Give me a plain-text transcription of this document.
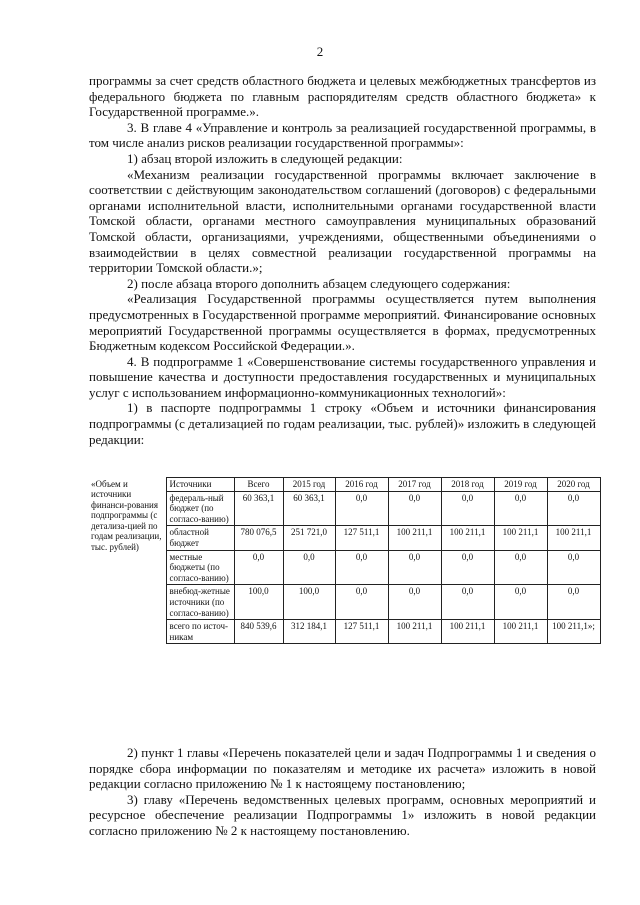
2

программы за счет средств областного бюджета и целевых межбюджетных трансфертов из федерального бюджета по главным распорядителям средств областного бюджета» к Государственной программе.».

3. В главе 4 «Управление и контроль за реализацией государственной программы, в том числе анализ рисков реализации государственной программы»:

1) абзац второй изложить в следующей редакции:

«Механизм реализации государственной программы включает заключение в соответствии с действующим законодательством соглашений (договоров) с федеральными органами исполнительной власти, исполнительными органами государственной власти Томской области, органами местного самоуправления муниципальных образований Томской области, организациями, учреждениями, общественными объединениями о взаимодействии в целях совместной реализации государственной программы на территории Томской области.»;

2) после абзаца второго дополнить абзацем следующего содержания:

«Реализация Государственной программы осуществляется путем выполнения предусмотренных в Государственной программе мероприятий. Финансирование основных мероприятий Государственной программы осуществляется в формах, предусмотренных Бюджетным кодексом Российской Федерации.».

4. В подпрограмме 1 «Совершенствование системы государственного управления и повышение качества и доступности предоставления государственных и муниципальных услуг с использованием информационно-коммуникационных технологий»:

1) в паспорте подпрограммы 1 строку «Объем и источники финансирования подпрограммы (с детализацией по годам реализации, тыс. рублей)» изложить в следующей редакции:

«Объем и источники финанси-рования подпрограммы (с детализа-цией по годам реализации, тыс. рублей)	Источники	Всего	2015 год	2016 год	2017 год	2018 год	2019 год	2020 год
	федераль-ный бюджет (по согласо-ванию)	60 363,1	60 363,1	0,0	0,0	0,0	0,0	0,0
	областной бюджет	780 076,5	251 721,0	127 511,1	100 211,1	100 211,1	100 211,1	100 211,1
	местные бюджеты (по согласо-ванию)	0,0	0,0	0,0	0,0	0,0	0,0	0,0
	внебюд-жетные источники (по согласо-ванию)	100,0	100,0	0,0	0,0	0,0	0,0	0,0
	всего по источ-никам	840 539,6	312 184,1	127 511,1	100 211,1	100 211,1	100 211,1	100 211,1»;

2) пункт 1 главы «Перечень показателей цели и задач Подпрограммы 1 и сведения о порядке сбора информации по показателям и методике их расчета» изложить в новой редакции согласно приложению № 1 к настоящему постановлению;

3) главу «Перечень ведомственных целевых программ, основных мероприятий и ресурсное обеспечение реализации Подпрограммы 1» изложить в новой редакции согласно приложению № 2 к настоящему постановлению.
